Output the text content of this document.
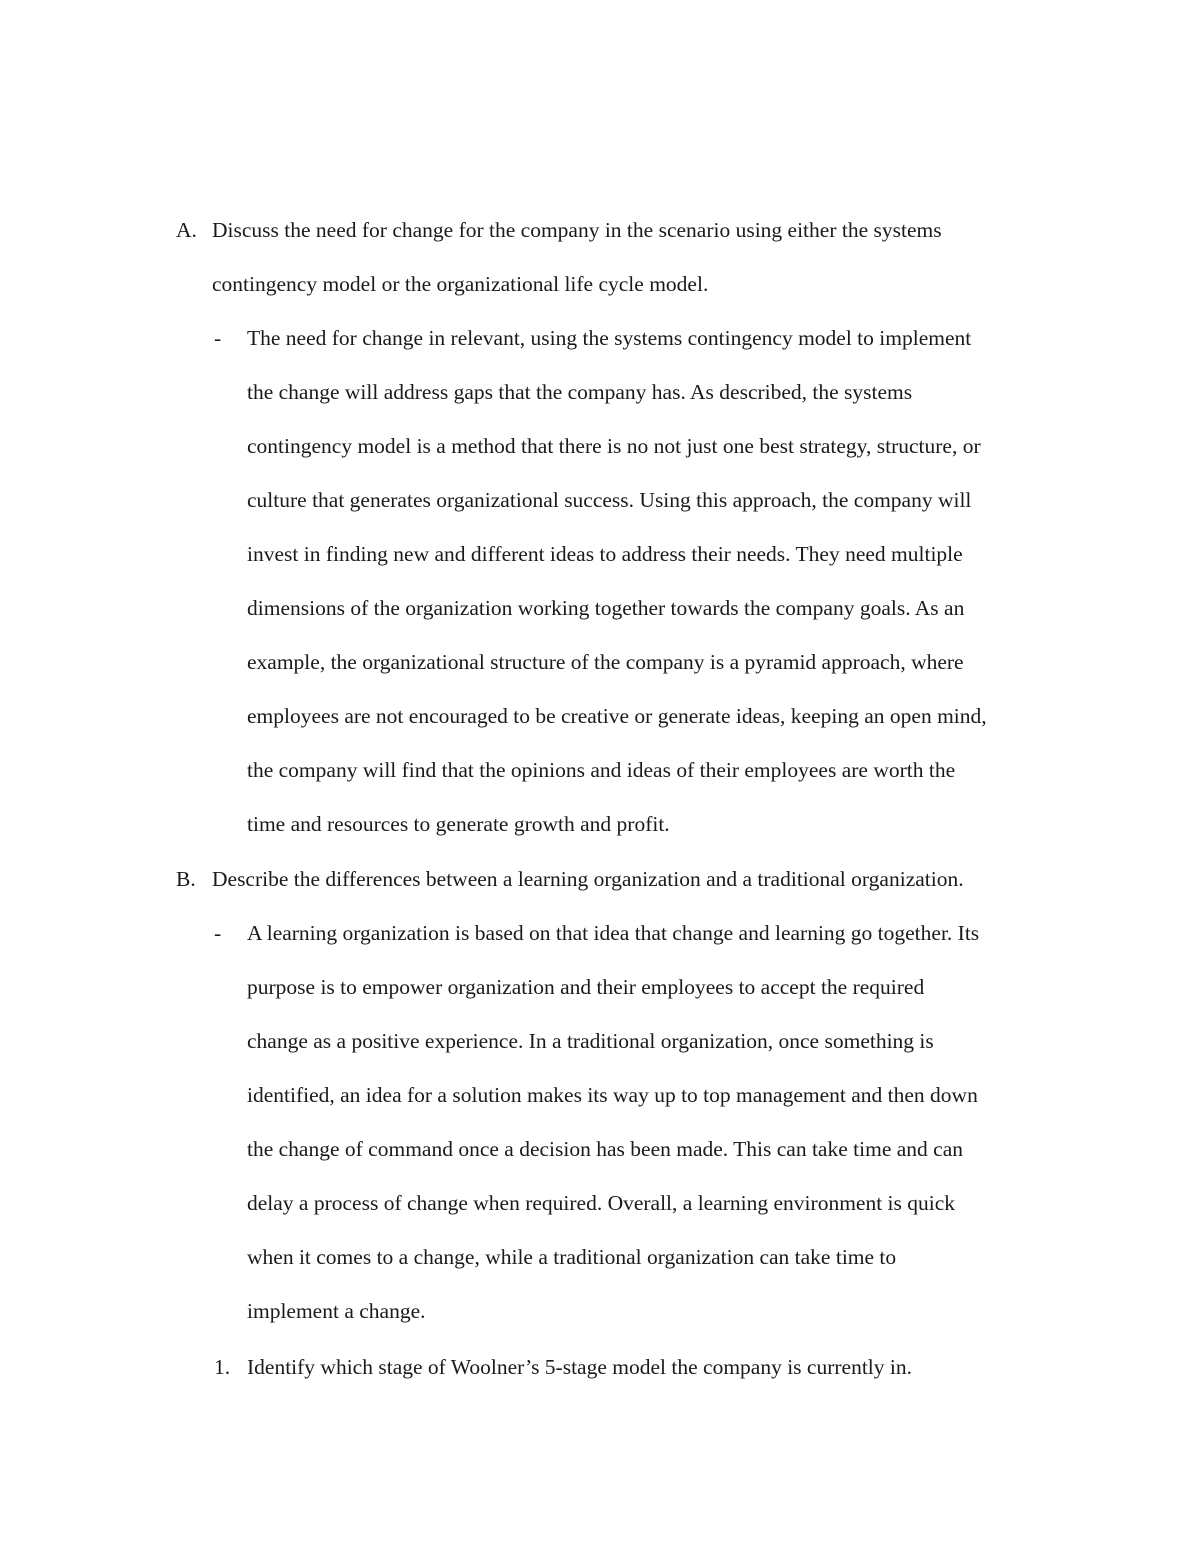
A. Discuss the need for change for the company in the scenario using either the systems
contingency model or the organizational life cycle model.
- The need for change in relevant, using the systems contingency model to implement
the change will address gaps that the company has. As described, the systems
contingency model is a method that there is no not just one best strategy, structure, or
culture that generates organizational success. Using this approach, the company will
invest in finding new and different ideas to address their needs. They need multiple
dimensions of the organization working together towards the company goals. As an
example, the organizational structure of the company is a pyramid approach, where
employees are not encouraged to be creative or generate ideas, keeping an open mind,
the company will find that the opinions and ideas of their employees are worth the
time and resources to generate growth and profit.
B. Describe the differences between a learning organization and a traditional organization.
- A learning organization is based on that idea that change and learning go together. Its
purpose is to empower organization and their employees to accept the required
change as a positive experience. In a traditional organization, once something is
identified, an idea for a solution makes its way up to top management and then down
the change of command once a decision has been made. This can take time and can
delay a process of change when required. Overall, a learning environment is quick
when it comes to a change, while a traditional organization can take time to
implement a change.
1. Identify which stage of Woolner’s 5-stage model the company is currently in.
